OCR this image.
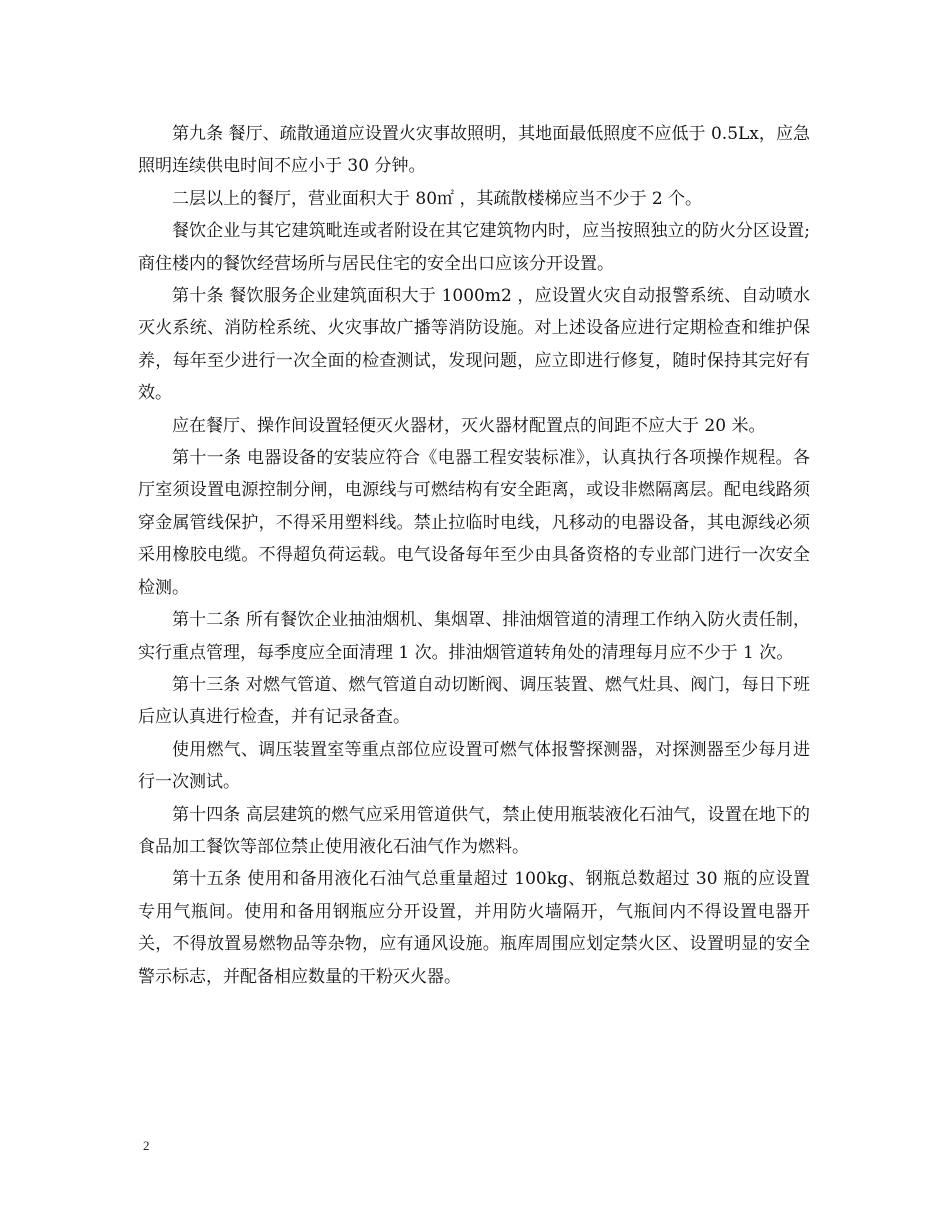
第九条 餐厅、疏散通道应设置火灾事故照明，其地面最低照度不应低于 0.5Lx，应急照明连续供电时间不应小于 30 分钟。

二层以上的餐厅，营业面积大于 80㎡ ，其疏散楼梯应当不少于 2 个。

餐饮企业与其它建筑毗连或者附设在其它建筑物内时，应当按照独立的防火分区设置;商住楼内的餐饮经营场所与居民住宅的安全出口应该分开设置。

第十条 餐饮服务企业建筑面积大于 1000m2 ，应设置火灾自动报警系统、自动喷水灭火系统、消防栓系统、火灾事故广播等消防设施。对上述设备应进行定期检查和维护保养，每年至少进行一次全面的检查测试，发现问题，应立即进行修复，随时保持其完好有效。

应在餐厅、操作间设置轻便灭火器材，灭火器材配置点的间距不应大于 20 米。

第十一条 电器设备的安装应符合《电器工程安装标准》，认真执行各项操作规程。各厅室须设置电源控制分闸，电源线与可燃结构有安全距离，或设非燃隔离层。配电线路须穿金属管线保护，不得采用塑料线。禁止拉临时电线，凡移动的电器设备，其电源线必须采用橡胶电缆。不得超负荷运载。电气设备每年至少由具备资格的专业部门进行一次安全检测。

第十二条 所有餐饮企业抽油烟机、集烟罩、排油烟管道的清理工作纳入防火责任制，实行重点管理，每季度应全面清理 1 次。排油烟管道转角处的清理每月应不少于 1 次。

第十三条 对燃气管道、燃气管道自动切断阀、调压装置、燃气灶具、阀门，每日下班后应认真进行检查，并有记录备查。

使用燃气、调压装置室等重点部位应设置可燃气体报警探测器，对探测器至少每月进行一次测试。

第十四条 高层建筑的燃气应采用管道供气，禁止使用瓶装液化石油气，设置在地下的食品加工餐饮等部位禁止使用液化石油气作为燃料。

第十五条 使用和备用液化石油气总重量超过 100kg、钢瓶总数超过 30 瓶的应设置专用气瓶间。使用和备用钢瓶应分开设置，并用防火墙隔开，气瓶间内不得设置电器开关，不得放置易燃物品等杂物，应有通风设施。瓶库周围应划定禁火区、设置明显的安全警示标志，并配备相应数量的干粉灭火器。

2
